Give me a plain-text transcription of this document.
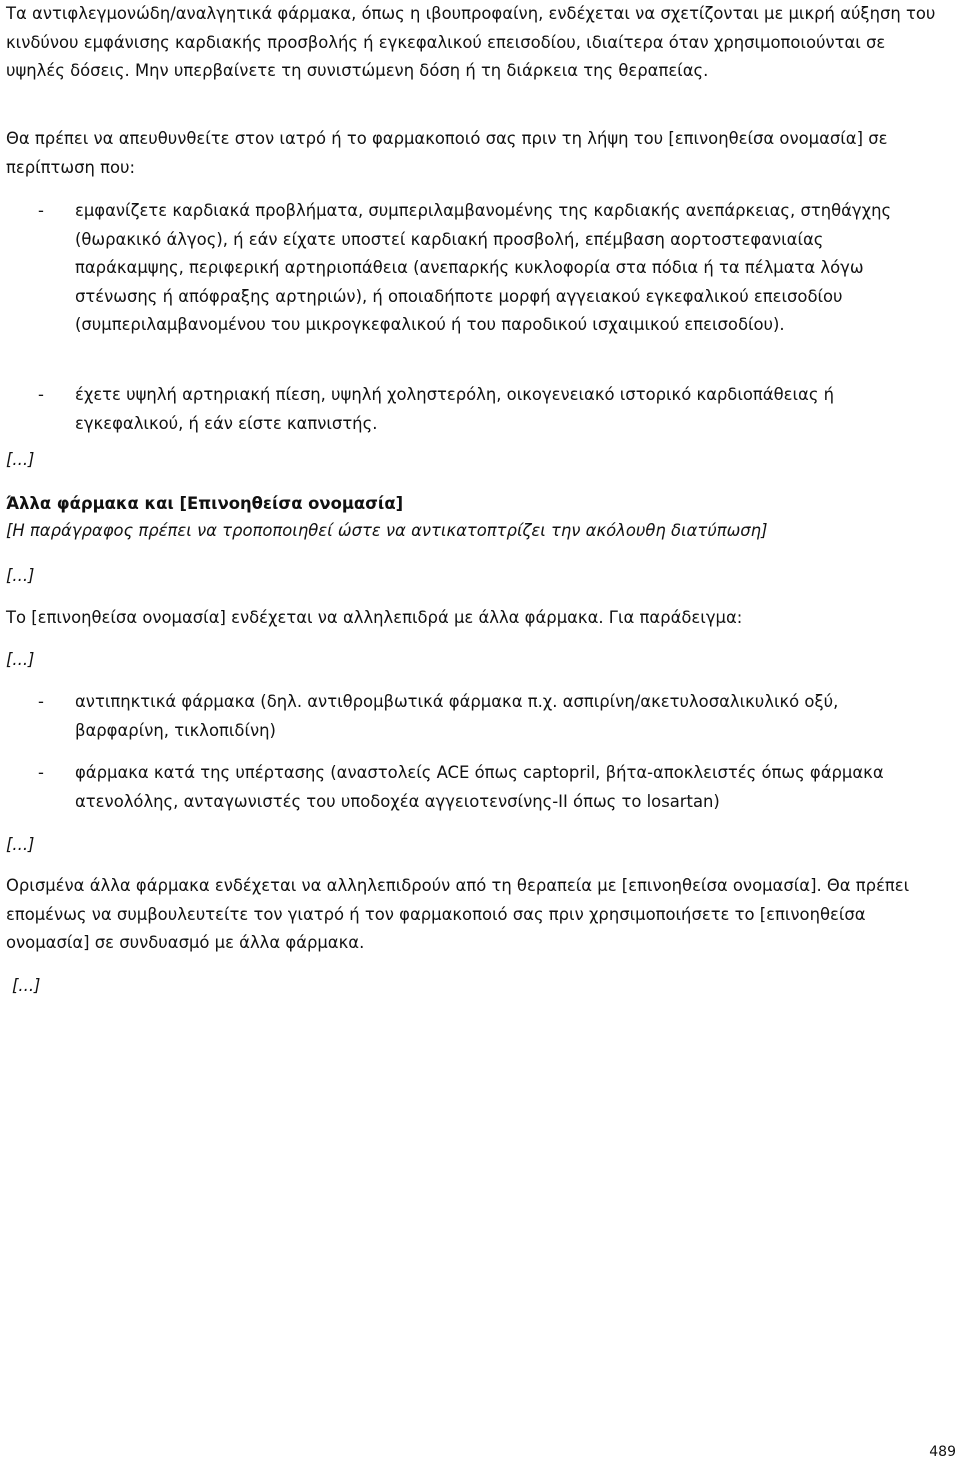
Τα αντιφλεγμονώδη/αναλγητικά φάρμακα, όπως η ιβουπροφαίνη, ενδέχεται να σχετίζονται με μικρή αύξηση του κινδύνου εμφάνισης καρδιακής προσβολής ή εγκεφαλικού επεισοδίου, ιδιαίτερα όταν χρησιμοποιούνται σε υψηλές δόσεις. Μην υπερβαίνετε τη συνιστώμενη δόση ή τη διάρκεια της θεραπείας.

Θα πρέπει να απευθυνθείτε στον ιατρό ή το φαρμακοποιό σας πριν τη λήψη του [επινοηθείσα ονομασία] σε περίπτωση που:

- εμφανίζετε καρδιακά προβλήματα, συμπεριλαμβανομένης της καρδιακής ανεπάρκειας, στηθάγχης (θωρακικό άλγος), ή εάν είχατε υποστεί καρδιακή προσβολή, επέμβαση αορτοστεφανιαίας παράκαμψης, περιφερική αρτηριοπάθεια (ανεπαρκής κυκλοφορία στα πόδια ή τα πέλματα λόγω στένωσης ή απόφραξης αρτηριών), ή οποιαδήποτε μορφή αγγειακού εγκεφαλικού επεισοδίου (συμπεριλαμβανομένου του μικρογκεφαλικού ή του παροδικού ισχαιμικού επεισοδίου).
- έχετε υψηλή αρτηριακή πίεση, υψηλή χοληστερόλη, οικογενειακό ιστορικό καρδιοπάθειας ή εγκεφαλικού, ή εάν είστε καπνιστής.
[...]

Άλλα φάρμακα και [Επινοηθείσα ονομασία]

[Η παράγραφος πρέπει να τροποποιηθεί ώστε να αντικατοπτρίζει την ακόλουθη διατύπωση]

[...]

Το [επινοηθείσα ονομασία] ενδέχεται να αλληλεπιδρά με άλλα φάρμακα. Για παράδειγμα:

[...]
- αντιπηκτικά φάρμακα (δηλ. αντιθρομβωτικά φάρμακα π.χ. ασπιρίνη/ακετυλοσαλικυλικό οξύ, βαρφαρίνη, τικλοπιδίνη)
- φάρμακα κατά της υπέρτασης (αναστολείς ACE όπως captopril, βήτα-αποκλειστές όπως φάρμακα ατενολόλης, ανταγωνιστές του υποδοχέα αγγειοτενσίνης-II όπως το losartan)
[...]

Ορισμένα άλλα φάρμακα ενδέχεται να αλληλεπιδρούν από τη θεραπεία με [επινοηθείσα ονομασία]. Θα πρέπει επομένως να συμβουλευτείτε τον γιατρό ή τον φαρμακοποιό σας πριν χρησιμοποιήσετε το [επινοηθείσα ονομασία] σε συνδυασμό με άλλα φάρμακα.

[...]
489
